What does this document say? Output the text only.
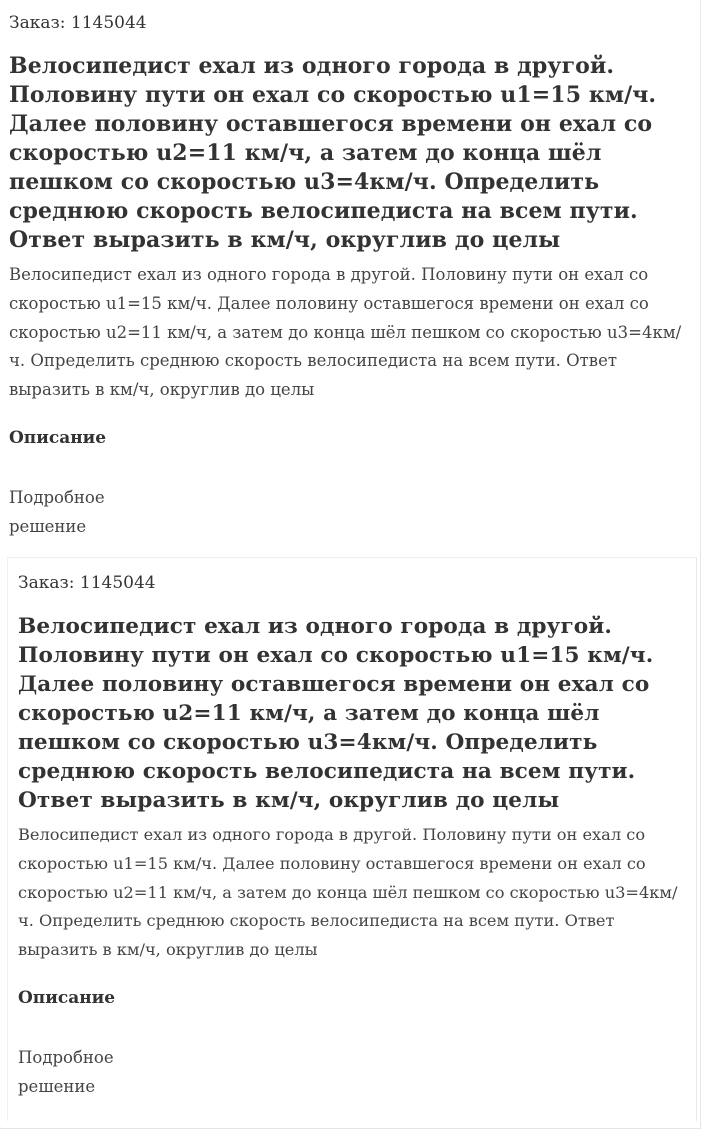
Заказ: 1145044
Велосипедист ехал из одного города в другой. Половину пути он ехал со скоростью u1=15 км/ч. Далее половину оставшегося времени он ехал со скоростью u2=11 км/ч, а затем до конца шёл пешком со скоростью u3=4км/ч. Определить среднюю скорость велосипедиста на всем пути. Ответ выразить в км/ч, округлив до целы

Велосипедист ехал из одного города в другой. Половину пути он ехал со скоростью u1=15 км/ч. Далее половину оставшегося времени он ехал со скоростью u2=11 км/ч, а затем до конца шёл пешком со скоростью u3=4км/ч. Определить среднюю скорость велосипедиста на всем пути. Ответ выразить в км/ч, округлив до целы

Описание
Подробное решение
Заказ: 1145044
Велосипедист ехал из одного города в другой. Половину пути он ехал со скоростью u1=15 км/ч. Далее половину оставшегося времени он ехал со скоростью u2=11 км/ч, а затем до конца шёл пешком со скоростью u3=4км/ч. Определить среднюю скорость велосипедиста на всем пути. Ответ выразить в км/ч, округлив до целы

Велосипедист ехал из одного города в другой. Половину пути он ехал со скоростью u1=15 км/ч. Далее половину оставшегося времени он ехал со скоростью u2=11 км/ч, а затем до конца шёл пешком со скоростью u3=4км/ч. Определить среднюю скорость велосипедиста на всем пути. Ответ выразить в км/ч, округлив до целы

Описание
Подробное решение
